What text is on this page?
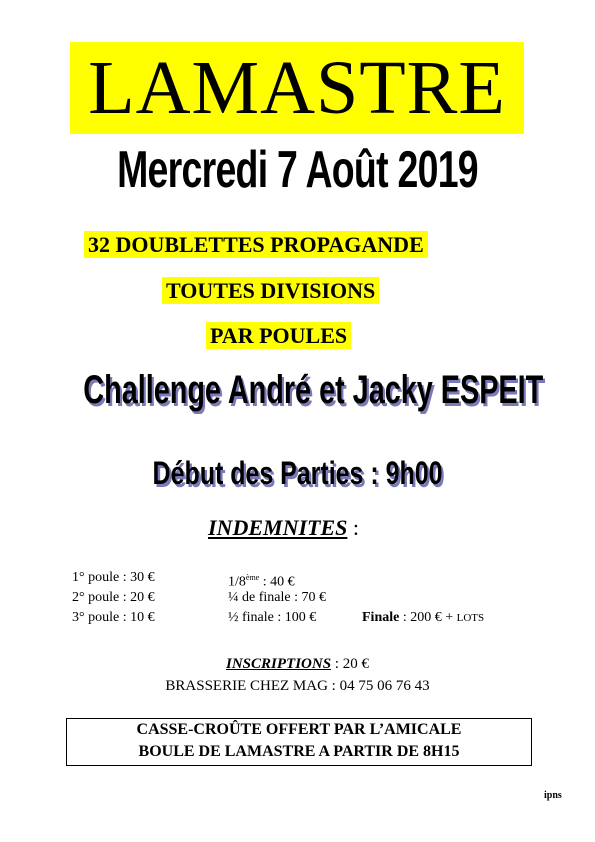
LAMASTRE
Mercredi 7 Août 2019
32 DOUBLETTES PROPAGANDE
TOUTES DIVISIONS
PAR POULES
Challenge André et Jacky ESPEIT
Début des Parties : 9h00
INDEMNITES :
1° poule : 30 €
2° poule : 20 €
3° poule : 10 €
1/8ème : 40 €
¼ de finale : 70 €
½ finale : 100 €	Finale : 200 € + LOTS
INSCRIPTIONS : 20 €
BRASSERIE CHEZ MAG : 04 75 06 76 43
CASSE-CROÛTE OFFERT PAR L’AMICALE
BOULE DE LAMASTRE A PARTIR DE 8H15
ipns
